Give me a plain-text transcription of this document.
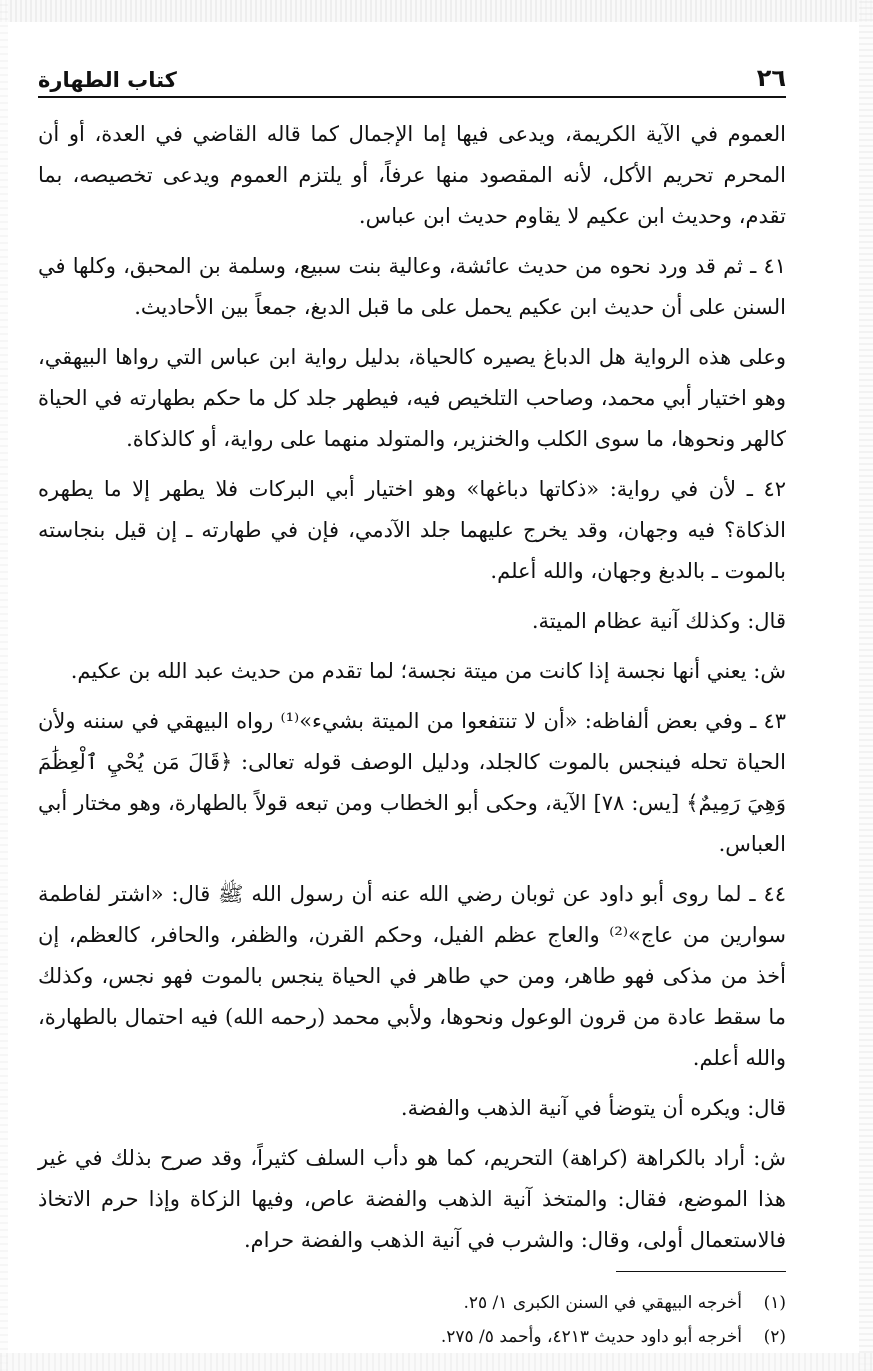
٢٦
كتاب الطهارة

العموم في الآية الكريمة، ويدعى فيها إما الإجمال كما قاله القاضي في العدة، أو أن المحرم تحريم الأكل، لأنه المقصود منها عرفاً، أو يلتزم العموم ويدعى تخصيصه، بما تقدم، وحديث ابن عكيم لا يقاوم حديث ابن عباس.

٤١ ـ ثم قد ورد نحوه من حديث عائشة، وعالية بنت سبيع، وسلمة بن المحبق، وكلها في السنن على أن حديث ابن عكيم يحمل على ما قبل الدبغ، جمعاً بين الأحاديث.

وعلى هذه الرواية هل الدباغ يصيره كالحياة، بدليل رواية ابن عباس التي رواها البيهقي، وهو اختيار أبي محمد، وصاحب التلخيص فيه، فيطهر جلد كل ما حكم بطهارته في الحياة كالهر ونحوها، ما سوى الكلب والخنزير، والمتولد منهما على رواية، أو كالذكاة.

٤٢ ـ لأن في رواية: «ذكاتها دباغها» وهو اختيار أبي البركات فلا يطهر إلا ما يطهره الذكاة؟ فيه وجهان، وقد يخرج عليهما جلد الآدمي، فإن في طهارته ـ إن قيل بنجاسته بالموت ـ بالدبغ وجهان، والله أعلم.

قال: وكذلك آنية عظام الميتة.

ش: يعني أنها نجسة إذا كانت من ميتة نجسة؛ لما تقدم من حديث عبد الله بن عكيم.

٤٣ ـ وفي بعض ألفاظه: «أن لا تنتفعوا من الميتة بشيء»⁽¹⁾ رواه البيهقي في سننه ولأن الحياة تحله فينجس بالموت كالجلد، ودليل الوصف قوله تعالى: ﴿قَالَ مَن يُحْيِ ٱلْعِظَٰمَ وَهِيَ رَمِيمٌ﴾ [يس: ٧٨] الآية، وحكى أبو الخطاب ومن تبعه قولاً بالطهارة، وهو مختار أبي العباس.

٤٤ ـ لما روى أبو داود عن ثوبان رضي الله عنه أن رسول الله ﷺ قال: «اشتر لفاطمة سوارين من عاج»⁽²⁾ والعاج عظم الفيل، وحكم القرن، والظفر، والحافر، كالعظم، إن أخذ من مذكى فهو طاهر، ومن حي طاهر في الحياة ينجس بالموت فهو نجس، وكذلك ما سقط عادة من قرون الوعول ونحوها، ولأبي محمد (رحمه الله) فيه احتمال بالطهارة، والله أعلم.

قال: ويكره أن يتوضأ في آنية الذهب والفضة.

ش: أراد بالكراهة (كراهة) التحريم، كما هو دأب السلف كثيراً، وقد صرح بذلك في غير هذا الموضع، فقال: والمتخذ آنية الذهب والفضة عاص، وفيها الزكاة وإذا حرم الاتخاذ فالاستعمال أولى، وقال: والشرب في آنية الذهب والفضة حرام.

(١)
أخرجه البيهقي في السنن الكبرى ١/ ٢٥.
(٢)
أخرجه أبو داود حديث ٤٢١٣، وأحمد ٥/ ٢٧٥.
